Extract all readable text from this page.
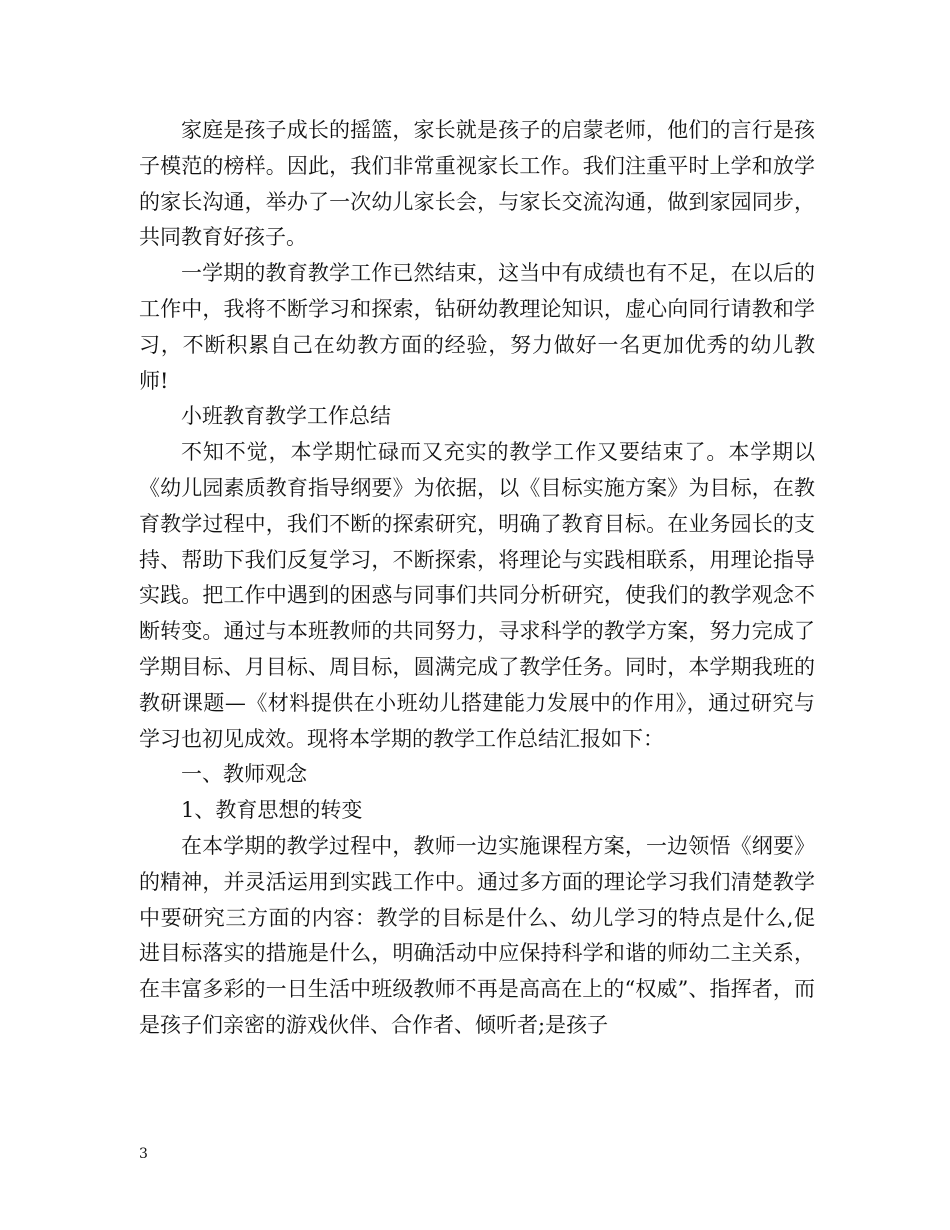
家庭是孩子成长的摇篮，家长就是孩子的启蒙老师，他们的言行是孩子模范的榜样。因此，我们非常重视家长工作。我们注重平时上学和放学的家长沟通，举办了一次幼儿家长会，与家长交流沟通，做到家园同步，共同教育好孩子。

一学期的教育教学工作已然结束，这当中有成绩也有不足，在以后的工作中，我将不断学习和探索，钻研幼教理论知识，虚心向同行请教和学习，不断积累自己在幼教方面的经验，努力做好一名更加优秀的幼儿教师!

小班教育教学工作总结

不知不觉，本学期忙碌而又充实的教学工作又要结束了。本学期以《幼儿园素质教育指导纲要》为依据，以《目标实施方案》为目标，在教育教学过程中，我们不断的探索研究，明确了教育目标。在业务园长的支持、帮助下我们反复学习，不断探索，将理论与实践相联系，用理论指导实践。把工作中遇到的困惑与同事们共同分析研究，使我们的教学观念不断转变。通过与本班教师的共同努力，寻求科学的教学方案，努力完成了学期目标、月目标、周目标，圆满完成了教学任务。同时，本学期我班的教研课题—《材料提供在小班幼儿搭建能力发展中的作用》，通过研究与学习也初见成效。现将本学期的教学工作总结汇报如下：

一、教师观念

1、教育思想的转变

在本学期的教学过程中，教师一边实施课程方案，一边领悟《纲要》的精神，并灵活运用到实践工作中。通过多方面的理论学习我们清楚教学中要研究三方面的内容：教学的目标是什么、幼儿学习的特点是什么,促进目标落实的措施是什么，明确活动中应保持科学和谐的师幼二主关系，在丰富多彩的一日生活中班级教师不再是高高在上的“权威”、指挥者，而是孩子们亲密的游戏伙伴、合作者、倾听者;是孩子

3
